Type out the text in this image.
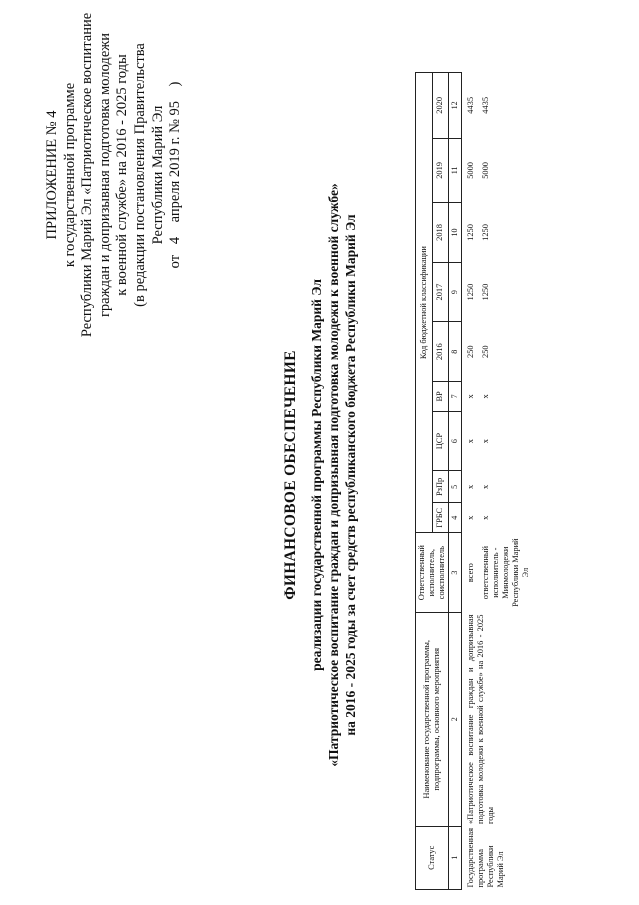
ПРИЛОЖЕНИЕ № 4 к государственной программе Республики Марий Эл «Патриотическое воспитание граждан и допризывная подготовка молодежи к военной службе» на 2016 - 2025 годы (в редакции постановления Правительства Республики Марий Эл от   4    апреля 2019 г. № 95    )
ФИНАНСОВОЕ ОБЕСПЕЧЕНИЕ реализации государственной программы Республики Марий Эл «Патриотическое воспитание граждан и допризывная подготовка молодежи к военной службе» на 2016 - 2025 годы за счет средств республиканского бюджета Республики Марий Эл
Статус	Наименование государственной программы, подпрограммы, основного мероприятия	Ответственный исполнитель, соисполнитель	Код бюджетной классификации								
			ГРБС	РзПр	ЦСР	ВР	2016	2017	2018	2019	2020
1	2	3	4	5	6	7	8	9	10	11	12
Государственная программа Республики Марий Эл	«Патриотическое воспитание граждан и допризывная подготовка молодежи к военной службе» на 2016 - 2025 годы	всего	x	x	x	x	250	1250	1250	5000	4435
		ответственный исполнитель - Минмолодежи Республики Марий Эл	x	x	x	x	250	1250	1250	5000	4435
